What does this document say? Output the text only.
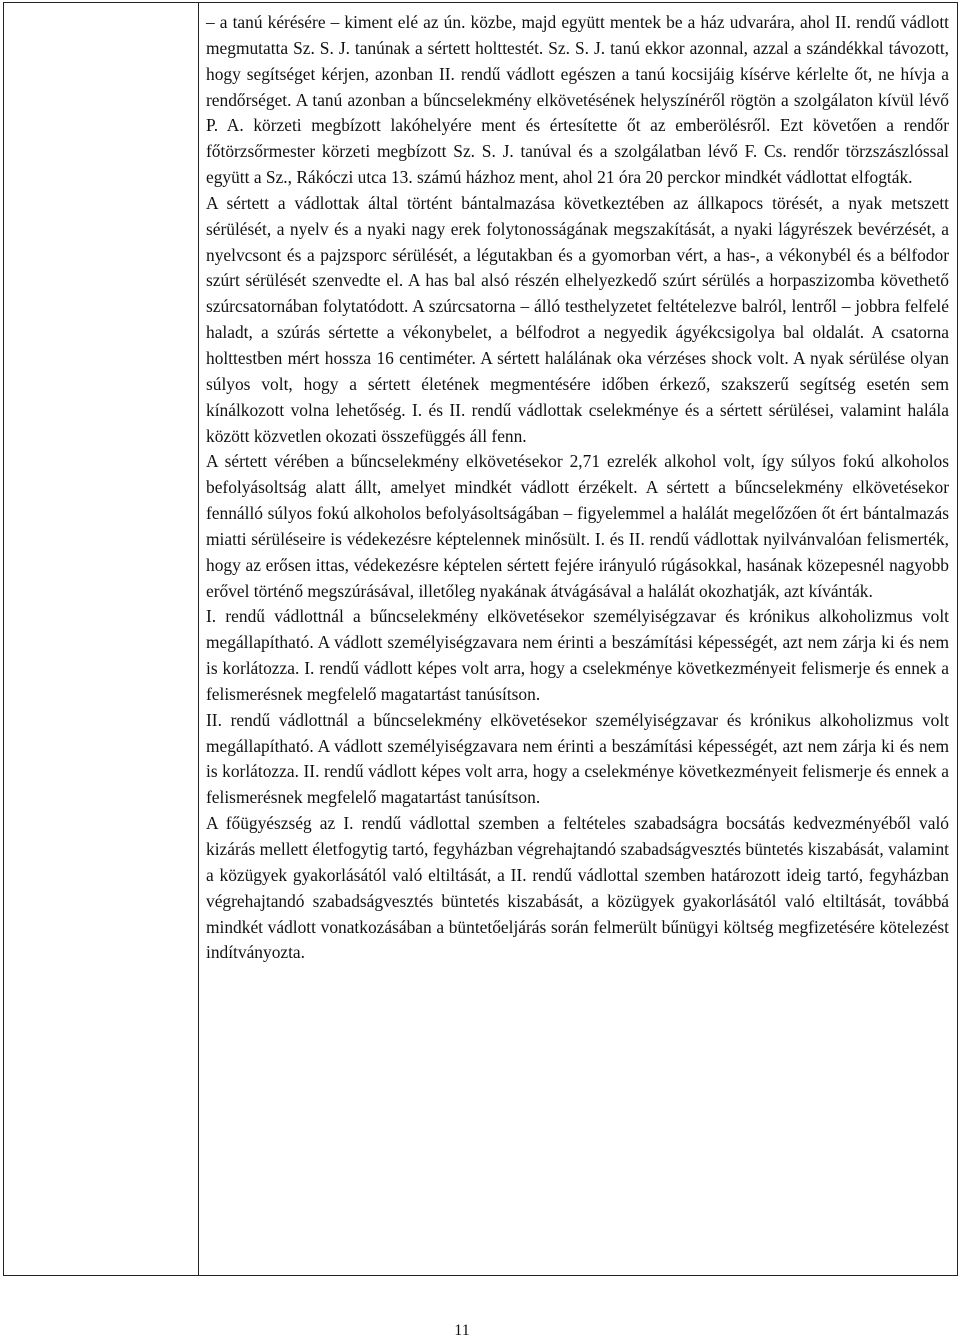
– a tanú kérésére – kiment elé az ún. közbe, majd együtt mentek be a ház udvarára, ahol II. rendű vádlott megmutatta Sz. S. J. tanúnak a sértett holttestét. Sz. S. J. tanú ekkor azonnal, azzal a szándékkal távozott, hogy segítséget kérjen, azonban II. rendű vádlott egészen a tanú kocsijáig kísérve kérlelte őt, ne hívja a rendőrséget. A tanú azonban a bűncselekmény elkövetésének helyszínéről rögtön a szolgálaton kívül lévő P. A. körzeti megbízott lakóhelyére ment és értesítette őt az emberölésről. Ezt követően a rendőr főtörzsőrmester körzeti megbízott Sz. S. J. tanúval és a szolgálatban lévő F. Cs. rendőr törzszászlóssal együtt a Sz., Rákóczi utca 13. számú házhoz ment, ahol 21 óra 20 perckor mindkét vádlottat elfogták.

A sértett a vádlottak által történt bántalmazása következtében az állkapocs törését, a nyak metszett sérülését, a nyelv és a nyaki nagy erek folytonosságának megszakítását, a nyaki lágyrészek bevérzését, a nyelvcsont és a pajzsporc sérülését, a légutakban és a gyomorban vért, a has-, a vékonybél és a bélfodor szúrt sérülését szenvedte el. A has bal alsó részén elhelyezkedő szúrt sérülés a horpaszizomba követhető szúrcsatornában folytatódott. A szúrcsatorna – álló testhelyzetet feltételezve balról, lentről – jobbra felfelé haladt, a szúrás sértette a vékonybelet, a bélfodrot a negyedik ágyékcsigolya bal oldalát. A csatorna holttestben mért hossza 16 centiméter. A sértett halálának oka vérzéses shock volt. A nyak sérülése olyan súlyos volt, hogy a sértett életének megmentésére időben érkező, szakszerű segítség esetén sem kínálkozott volna lehetőség. I. és II. rendű vádlottak cselekménye és a sértett sérülései, valamint halála között közvetlen okozati összefüggés áll fenn.

A sértett vérében a bűncselekmény elkövetésekor 2,71 ezrelék alkohol volt, így súlyos fokú alkoholos befolyásoltság alatt állt, amelyet mindkét vádlott érzékelt. A sértett a bűncselekmény elkövetésekor fennálló súlyos fokú alkoholos befolyásoltságában – figyelemmel a halálát megelőzően őt ért bántalmazás miatti sérüléseire is védekezésre képtelennek minősült. I. és II. rendű vádlottak nyilvánvalóan felismerték, hogy az erősen ittas, védekezésre képtelen sértett fejére irányuló rúgásokkal, hasának közepesnél nagyobb erővel történő megszúrásával, illetőleg nyakának átvágásával a halálát okozhatják, azt kívánták.

I. rendű vádlottnál a bűncselekmény elkövetésekor személyiségzavar és krónikus alkoholizmus volt megállapítható. A vádlott személyiségzavara nem érinti a beszámítási képességét, azt nem zárja ki és nem is korlátozza. I. rendű vádlott képes volt arra, hogy a cselekménye következményeit felismerje és ennek a felismerésnek megfelelő magatartást tanúsítson.

II. rendű vádlottnál a bűncselekmény elkövetésekor személyiségzavar és krónikus alkoholizmus volt megállapítható. A vádlott személyiségzavara nem érinti a beszámítási képességét, azt nem zárja ki és nem is korlátozza. II. rendű vádlott képes volt arra, hogy a cselekménye következményeit felismerje és ennek a felismerésnek megfelelő magatartást tanúsítson.

A főügyészség az I. rendű vádlottal szemben a feltételes szabadságra bocsátás kedvezményéből való kizárás mellett életfogytig tartó, fegyházban végrehajtandó szabadságvesztés büntetés kiszabását, valamint a közügyek gyakorlásától való eltiltását, a II. rendű vádlottal szemben határozott ideig tartó, fegyházban végrehajtandó szabadságvesztés büntetés kiszabását, a közügyek gyakorlásától való eltiltását, továbbá mindkét vádlott vonatkozásában a büntetőeljárás során felmerült bűnügyi költség megfizetésére kötelezést indítványozta.

11
